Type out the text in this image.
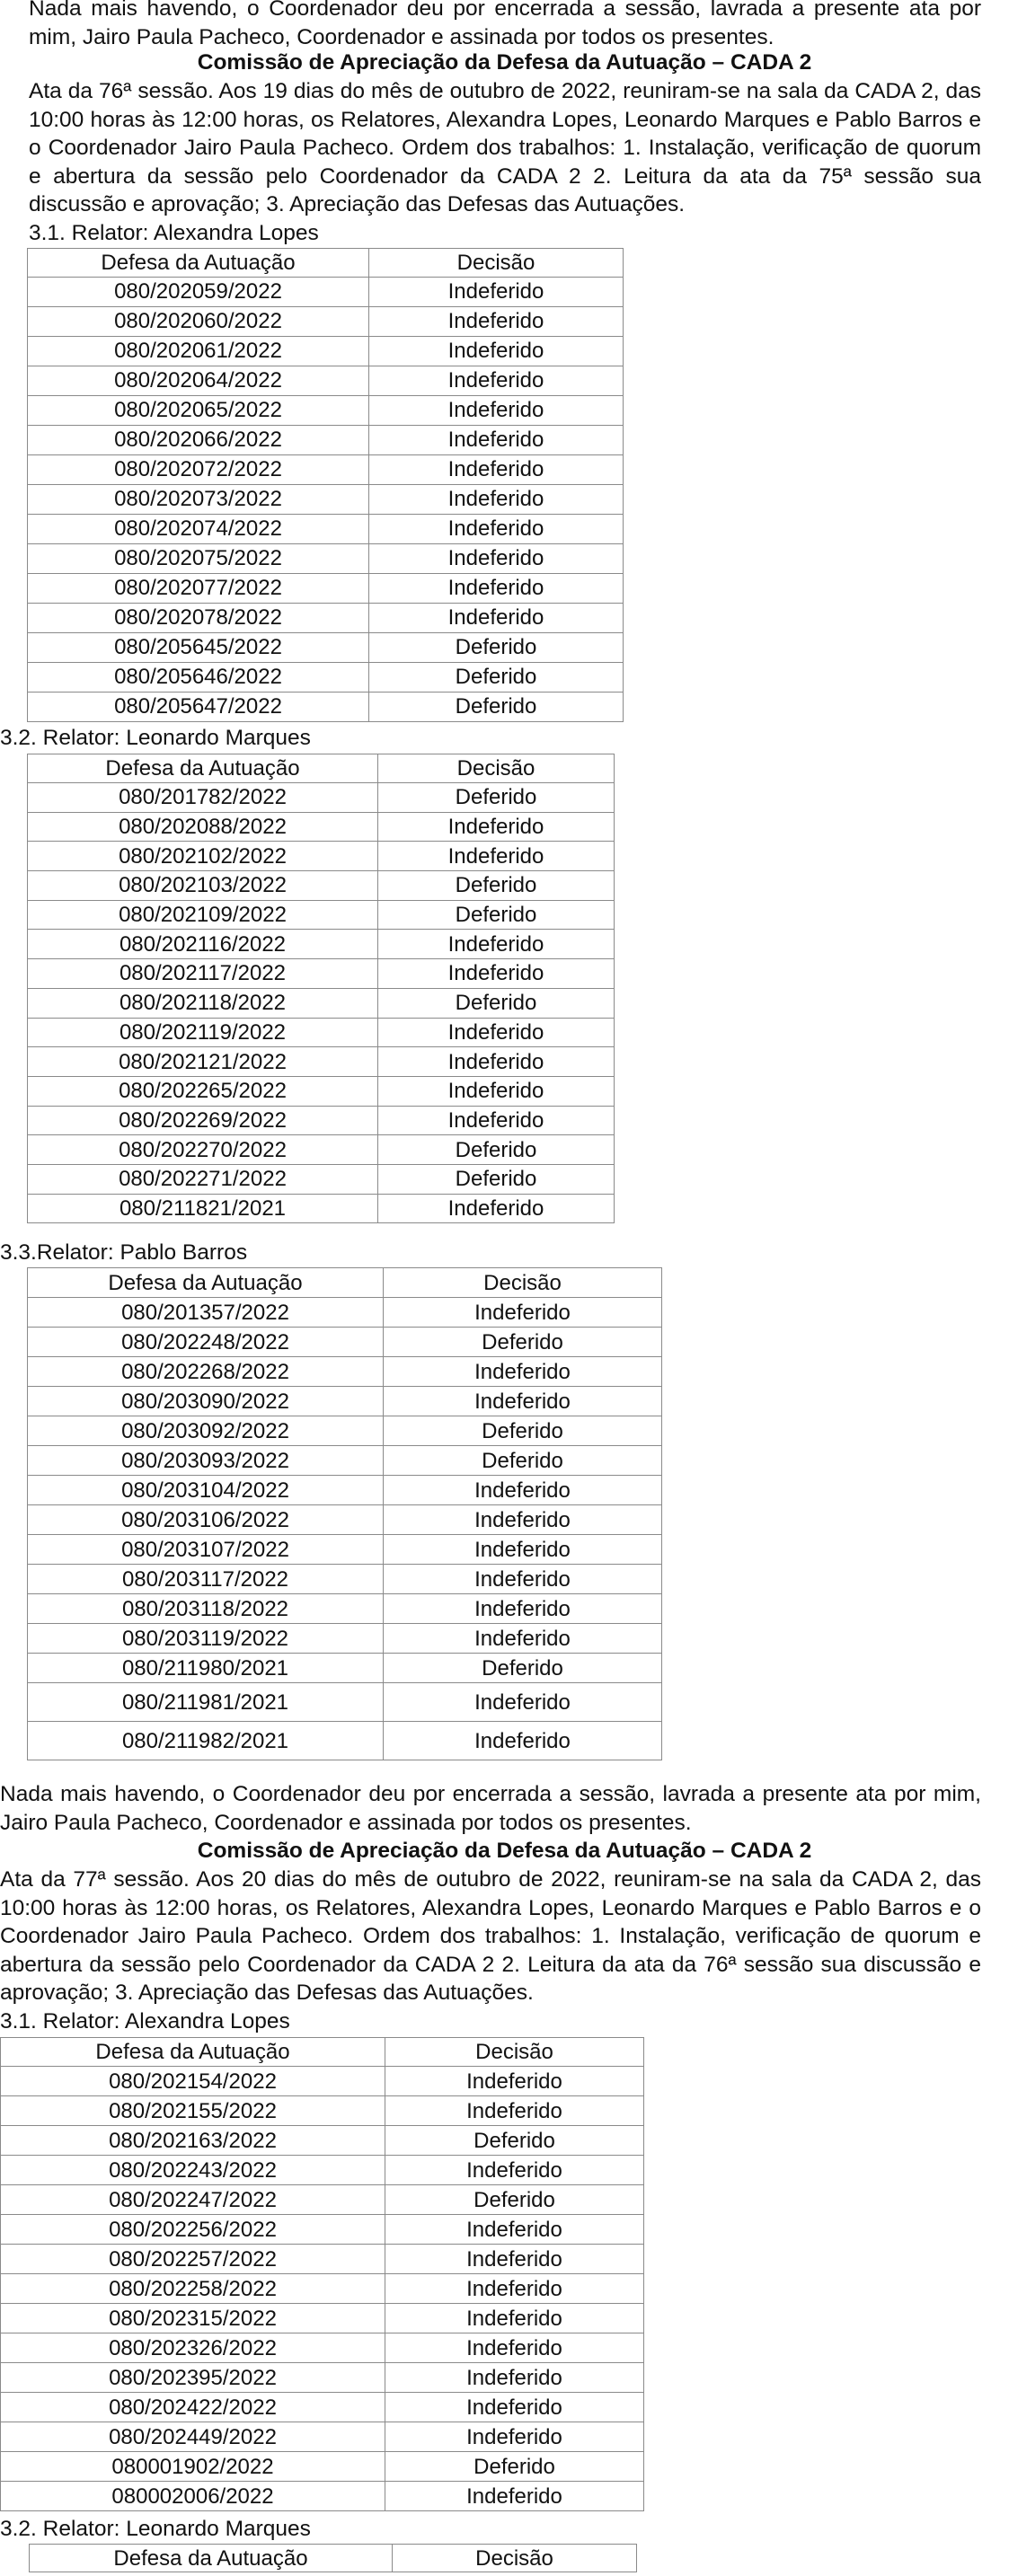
Nada mais havendo, o Coordenador deu por encerrada a sessão, lavrada a presente ata por mim, Jairo Paula Pacheco, Coordenador e assinada por todos os presentes.
Comissão de Apreciação da Defesa da Autuação – CADA 2
Ata da 76ª sessão. Aos 19 dias do mês de outubro de 2022, reuniram-se na sala da CADA 2, das 10:00 horas às 12:00 horas, os Relatores, Alexandra Lopes, Leonardo Marques e Pablo Barros e o Coordenador Jairo Paula Pacheco. Ordem dos trabalhos: 1. Instalação, verificação de quorum e abertura da sessão pelo Coordenador da CADA 2 2. Leitura da ata da 75ª sessão sua discussão e aprovação; 3. Apreciação das Defesas das Autuações.
3.1. Relator: Alexandra Lopes
Defesa da Autuação	Decisão
080/202059/2022	Indeferido
080/202060/2022	Indeferido
080/202061/2022	Indeferido
080/202064/2022	Indeferido
080/202065/2022	Indeferido
080/202066/2022	Indeferido
080/202072/2022	Indeferido
080/202073/2022	Indeferido
080/202074/2022	Indeferido
080/202075/2022	Indeferido
080/202077/2022	Indeferido
080/202078/2022	Indeferido
080/205645/2022	Deferido
080/205646/2022	Deferido
080/205647/2022	Deferido
3.2. Relator: Leonardo Marques
Defesa da Autuação	Decisão
080/201782/2022	Deferido
080/202088/2022	Indeferido
080/202102/2022	Indeferido
080/202103/2022	Deferido
080/202109/2022	Deferido
080/202116/2022	Indeferido
080/202117/2022	Indeferido
080/202118/2022	Deferido
080/202119/2022	Indeferido
080/202121/2022	Indeferido
080/202265/2022	Indeferido
080/202269/2022	Indeferido
080/202270/2022	Deferido
080/202271/2022	Deferido
080/211821/2021	Indeferido
3.3.Relator: Pablo Barros
Defesa da Autuação	Decisão
080/201357/2022	Indeferido
080/202248/2022	Deferido
080/202268/2022	Indeferido
080/203090/2022	Indeferido
080/203092/2022	Deferido
080/203093/2022	Deferido
080/203104/2022	Indeferido
080/203106/2022	Indeferido
080/203107/2022	Indeferido
080/203117/2022	Indeferido
080/203118/2022	Indeferido
080/203119/2022	Indeferido
080/211980/2021	Deferido
080/211981/2021	Indeferido
080/211982/2021	Indeferido
Nada mais havendo, o Coordenador deu por encerrada a sessão, lavrada a presente ata por mim, Jairo Paula Pacheco, Coordenador e assinada por todos os presentes.
Comissão de Apreciação da Defesa da Autuação – CADA 2
Ata da 77ª sessão. Aos 20 dias do mês de outubro de 2022, reuniram-se na sala da CADA 2, das 10:00 horas às 12:00 horas, os Relatores, Alexandra Lopes, Leonardo Marques e Pablo Barros e o Coordenador Jairo Paula Pacheco. Ordem dos trabalhos: 1. Instalação, verificação de quorum e abertura da sessão pelo Coordenador da CADA 2 2. Leitura da ata da 76ª sessão sua discussão e aprovação; 3. Apreciação das Defesas das Autuações.
3.1. Relator: Alexandra Lopes
Defesa da Autuação	Decisão
080/202154/2022	Indeferido
080/202155/2022	Indeferido
080/202163/2022	Deferido
080/202243/2022	Indeferido
080/202247/2022	Deferido
080/202256/2022	Indeferido
080/202257/2022	Indeferido
080/202258/2022	Indeferido
080/202315/2022	Indeferido
080/202326/2022	Indeferido
080/202395/2022	Indeferido
080/202422/2022	Indeferido
080/202449/2022	Indeferido
080001902/2022	Deferido
080002006/2022	Indeferido
3.2. Relator: Leonardo Marques
Defesa da Autuação	Decisão
